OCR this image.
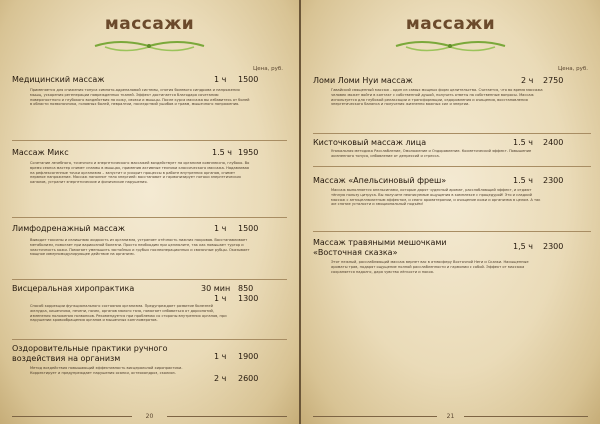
массажи
Цена, руб.
Медицинский массаж	1 ч 1500
Применяется для снижения тонуса симпато-адреналовой системы, снятия болевого синдрома и напряжения мышц, ускорения регенерации поврежденных тканей. Эффект достигается благодаря сочетанию поверхностного и глубокого воздействия на кожу, связки и мышцы. После курса массажа вы избавитесь от болей в области позвоночника, головных болей, невралгии, последствий ушибов и травм, мышечного напряжения.
Массаж Микс	1.5 ч 1950
Сочетание лечебного, точечного и энергетического массажей воздействует на организм комплексно, глубоко. Во время сеанса мастер снимет спазмы в мышцах, применив активные техники классического массажа. Надавливая на рефлексогенные точки организма – запустит и ускорит процессы в работе внутренних органов, снимет нервное напряжение. Массаж наполнит тело энергией: восстановит и гармонизирует потоки энергетических каналов, устранит энергетические и физические нарушения.
Лимфодренажный массаж	1 ч 1500
Выводит токсины и излишнюю жидкость из организма, устраняет отёчность нижних покровов. Восстанавливает метаболизм, помогает при варикозной болезни. Просто необходим при целлюлите, так как повышает тургор и эластичность кожи. Помогает уменьшить застойных и грубых послеоперационных и связочные рубцы. Оказывает мощное иммуномодулирующее действие на организм.
Висцеральная хиропрактика	30 мин 850
1 ч 1300
Способ коррекции функционального состояния организма. Предупреждает развитие болезней желудка, кишечника, печени, почек, органов малого таза, помогает избавиться от дорсопатий, изменения положения позвонков. Рекомендуется при проблемах со стороны внутренних органов, при нарушении кровообращения органов и мышечных конгломератов.
Оздоровительные практики ручного воздействия на организм	1 ч 1900
2 ч 2600
Метод воздействия повышающий эффективность висцеральной хиропрактики. Корректирует и предупреждает нарушения осанки, остеохондроз, сколиоз.
20
массажи
Цена, руб.
Ломи Ломи Нуи массаж	2 ч 2750
Гавайский священный массаж - один из самых мощных форм целительства. Считается, что во время массажа человек может войти в контакт с собственной душой, получить ответы на собственные вопросы. Массаж используется для глубокой релаксации и трансформации, оздоровления и очищения, восстановления энергетического баланса и получения жизненно важных сил и энергии.
Кисточковый массаж лица	1.5 ч 2400
Уникальная методика Расслабление, Омоложение и Оздоровление. Косметический эффект. Повышение жизненного тонуса, избавление от депрессий и стресса.
Массаж «Апельсиновый фреш»	1.5 ч 2300
Массаж выполняется апельсинами, которые дарят чудесный аромат, расслабляющий эффект, и отдают тёплую пользу цитруса. Вы получите неописуемые ощущения в комплексе с процедурой! Это и сладкий массаж с антицеллюлитным эффектом, и сеанс ароматерапии, и очищение кожи и организма в целом. А так же снятие усталости и эмоциональный подъём!
Массаж травяными мешочками «Восточная сказка»
1,5 ч 2300
Этот нежный, расслабляющий массаж вернет вас в атмосферу Восточной Неги и Сказки. Насыщенные ароматы трав, подарят ощущение полной расслабленности и гармонии с собой. Эффект от массажа сохраняется надолго, даря чувство лёгкости и покоя.
21
